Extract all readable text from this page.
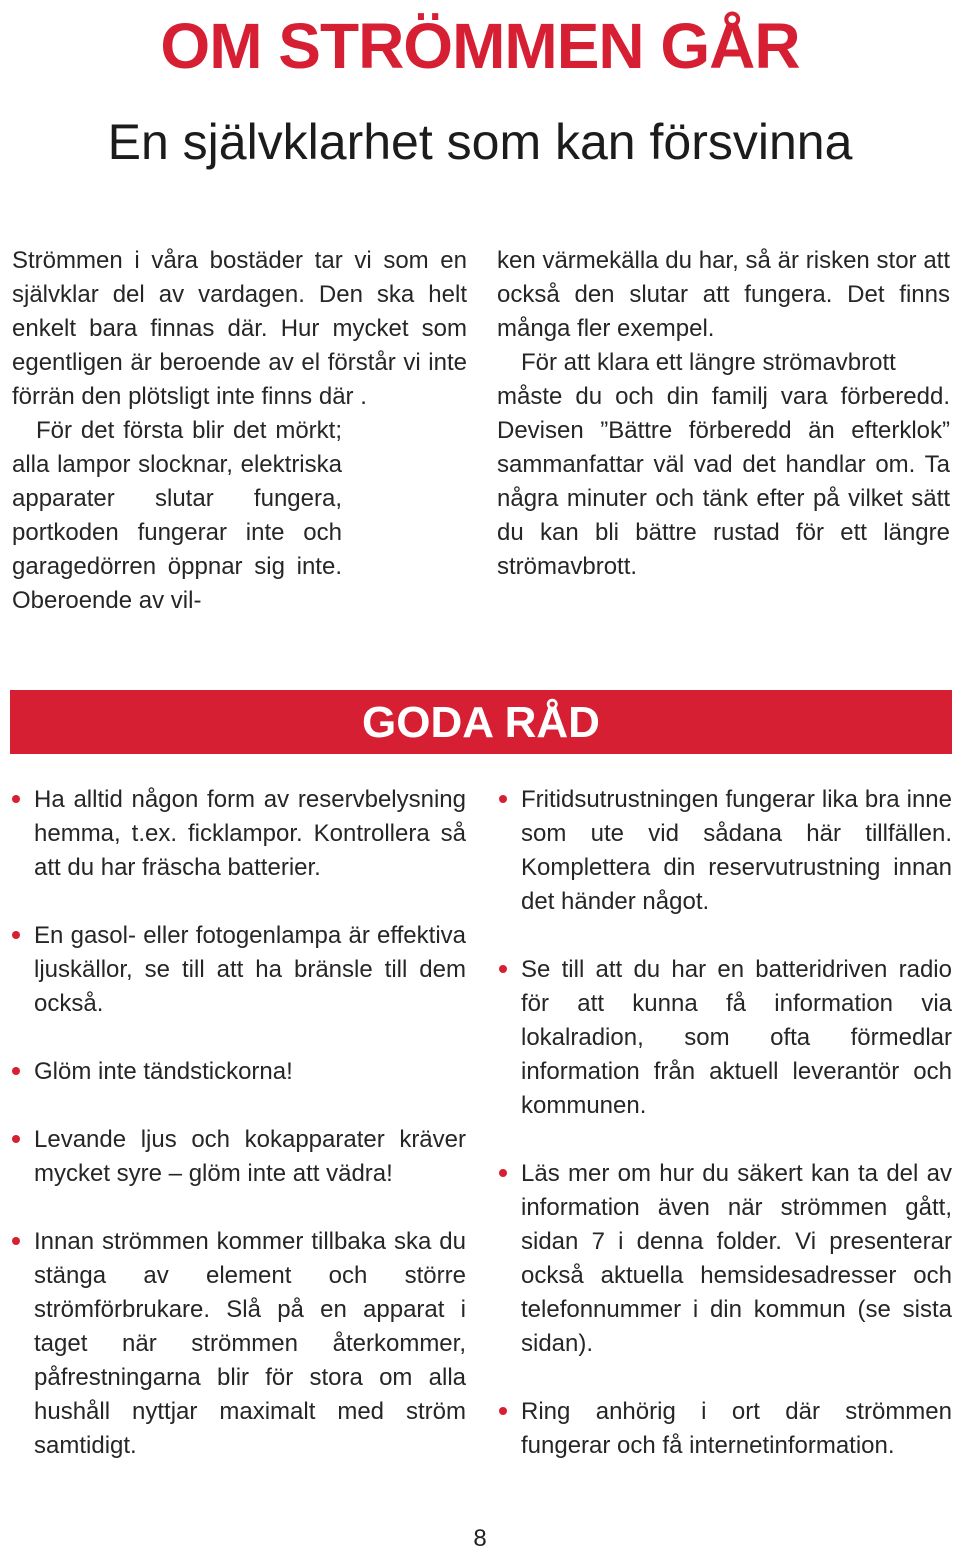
OM STRÖMMEN GÅR
En självklarhet som kan försvinna

Strömmen i våra bostäder tar vi som en självklar del av vardagen. Den ska helt enkelt bara finnas där. Hur mycket som egentligen är beroende av el förstår vi inte förrän den plötsligt inte finns där .

För det första blir det mörkt; alla lampor slocknar, elektriska apparater slutar fungera, portkoden fungerar inte och garagedörren öppnar sig inte. Oberoende av vil-

ken värmekälla du har, så är risken stor att också den slutar att fungera. Det finns många fler exempel.

För att klara ett längre strömavbrott

måste du och din familj vara förberedd. Devisen ”Bättre förberedd än efterklok” sammanfattar väl vad det handlar om. Ta några minuter och tänk efter på vilket sätt du kan bli bättre rustad för ett längre strömavbrott.

GODA RÅD
Ha alltid någon form av reservbelysning hemma, t.ex. ficklampor. Kontrollera så att du har fräscha batterier.
En gasol- eller fotogenlampa är effektiva ljuskällor, se till att ha bränsle till dem också.
Glöm inte tändstickorna!
Levande ljus och kokapparater kräver mycket syre – glöm inte att vädra!
Innan strömmen kommer tillbaka ska du stänga av element och större strömförbrukare. Slå på en apparat i taget när strömmen återkommer, påfrestningarna blir för stora om alla hushåll nyttjar maximalt med ström samtidigt.
Fritidsutrustningen fungerar lika bra inne som ute vid sådana här tillfällen. Komplettera din reservutrustning innan det händer något.
Se till att du har en batteridriven radio för att kunna få information via lokalradion, som ofta förmedlar information från aktuell leverantör och kommunen.
Läs mer om hur du säkert kan ta del av information även när strömmen gått, sidan 7 i denna folder. Vi presenterar också aktuella hemsidesadresser och telefonnummer i din kommun (se sista sidan).
Ring anhörig i ort där strömmen fungerar och få internetinformation.
8
